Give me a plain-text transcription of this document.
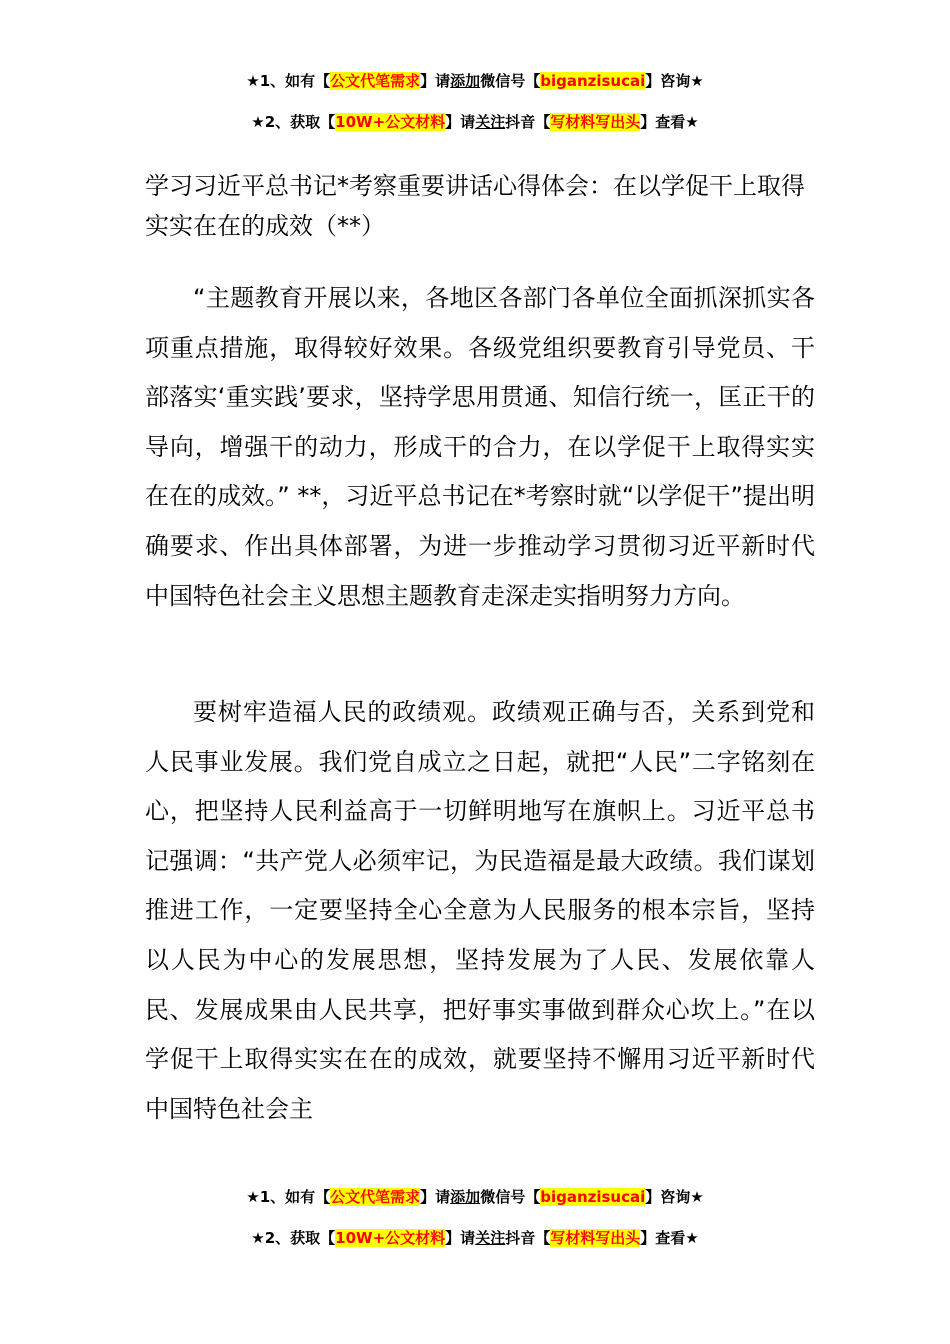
★1、如有【公文代笔需求】请添加微信号【biganzisucai】咨询★
★2、获取【10W+公文材料】请关注抖音【写材料写出头】查看★
学习习近平总书记*考察重要讲话心得体会：在以学促干上取得实实在在的成效（**）

“主题教育开展以来，各地区各部门各单位全面抓深抓实各项重点措施，取得较好效果。各级党组织要教育引导党员、干部落实‘重实践’要求，坚持学思用贯通、知信行统一，匡正干的导向，增强干的动力，形成干的合力，在以学促干上取得实实在在的成效。” **，习近平总书记在*考察时就“以学促干”提出明确要求、作出具体部署，为进一步推动学习贯彻习近平新时代中国特色社会主义思想主题教育走深走实指明努力方向。

要树牢造福人民的政绩观。政绩观正确与否，关系到党和人民事业发展。我们党自成立之日起，就把“人民”二字铭刻在心，把坚持人民利益高于一切鲜明地写在旗帜上。习近平总书记强调：“共产党人必须牢记，为民造福是最大政绩。我们谋划推进工作，一定要坚持全心全意为人民服务的根本宗旨，坚持以人民为中心的发展思想，坚持发展为了人民、发展依靠人民、发展成果由人民共享，把好事实事做到群众心坎上。”在以学促干上取得实实在在的成效，就要坚持不懈用习近平新时代中国特色社会主

★1、如有【公文代笔需求】请添加微信号【biganzisucai】咨询★
★2、获取【10W+公文材料】请关注抖音【写材料写出头】查看★
